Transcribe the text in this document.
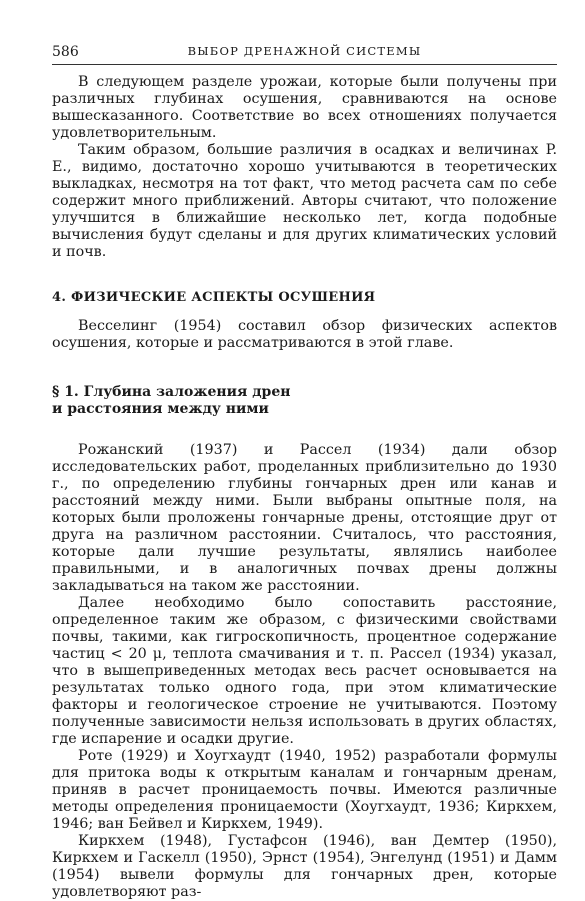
586	ВЫБОР ДРЕНАЖНОЙ СИСТЕМЫ

В следующем разделе урожаи, которые были получены при различных глубинах осушения, сравниваются на основе вышесказанного. Соответствие во всех отношениях получается удовлетворительным.

Таким образом, большие различия в осадках и величинах P. E., видимо, достаточно хорошо учитываются в теоретических выкладках, несмотря на тот факт, что метод расчета сам по себе содержит много приближений. Авторы считают, что положение улучшится в ближайшие несколько лет, когда подобные вычисления будут сделаны и для других климатических условий и почв.

4. ФИЗИЧЕСКИЕ АСПЕКТЫ ОСУШЕНИЯ

Весселинг (1954) составил обзор физических аспектов осушения, которые и рассматриваются в этой главе.

§ 1. Глубина заложения дрен

и расстояния между ними

Рожанский (1937) и Рассел (1934) дали обзор исследовательских работ, проделанных приблизительно до 1930 г., по определению глубины гончарных дрен или канав и расстояний между ними. Были выбраны опытные поля, на которых были проложены гончарные дрены, отстоящие друг от друга на различном расстоянии. Считалось, что расстояния, которые дали лучшие результаты, являлись наиболее правильными, и в аналогичных почвах дрены должны закладываться на таком же расстоянии.

Далее необходимо было сопоставить расстояние, определенное таким же образом, с физическими свойствами почвы, такими, как гигроскопичность, процентное содержание частиц < 20 μ, теплота смачивания и т. п. Рассел (1934) указал, что в вышеприведенных методах весь расчет основывается на результатах только одного года, при этом климатические факторы и геологическое строение не учитываются. Поэтому полученные зависимости нельзя использовать в других областях, где испарение и осадки другие.

Роте (1929) и Хоугхаудт (1940, 1952) разработали формулы для притока воды к открытым каналам и гончарным дренам, приняв в расчет проницаемость почвы. Имеются различные методы определения проницаемости (Хоугхаудт, 1936; Киркхем, 1946; ван Бейвел и Киркхем, 1949).

Киркхем (1948), Густафсон (1946), ван Демтер (1950), Киркхем и Гаскелл (1950), Эрнст (1954), Энгелунд (1951) и Дамм (1954) вывели формулы для гончарных дрен, которые удовлетворяют раз-
